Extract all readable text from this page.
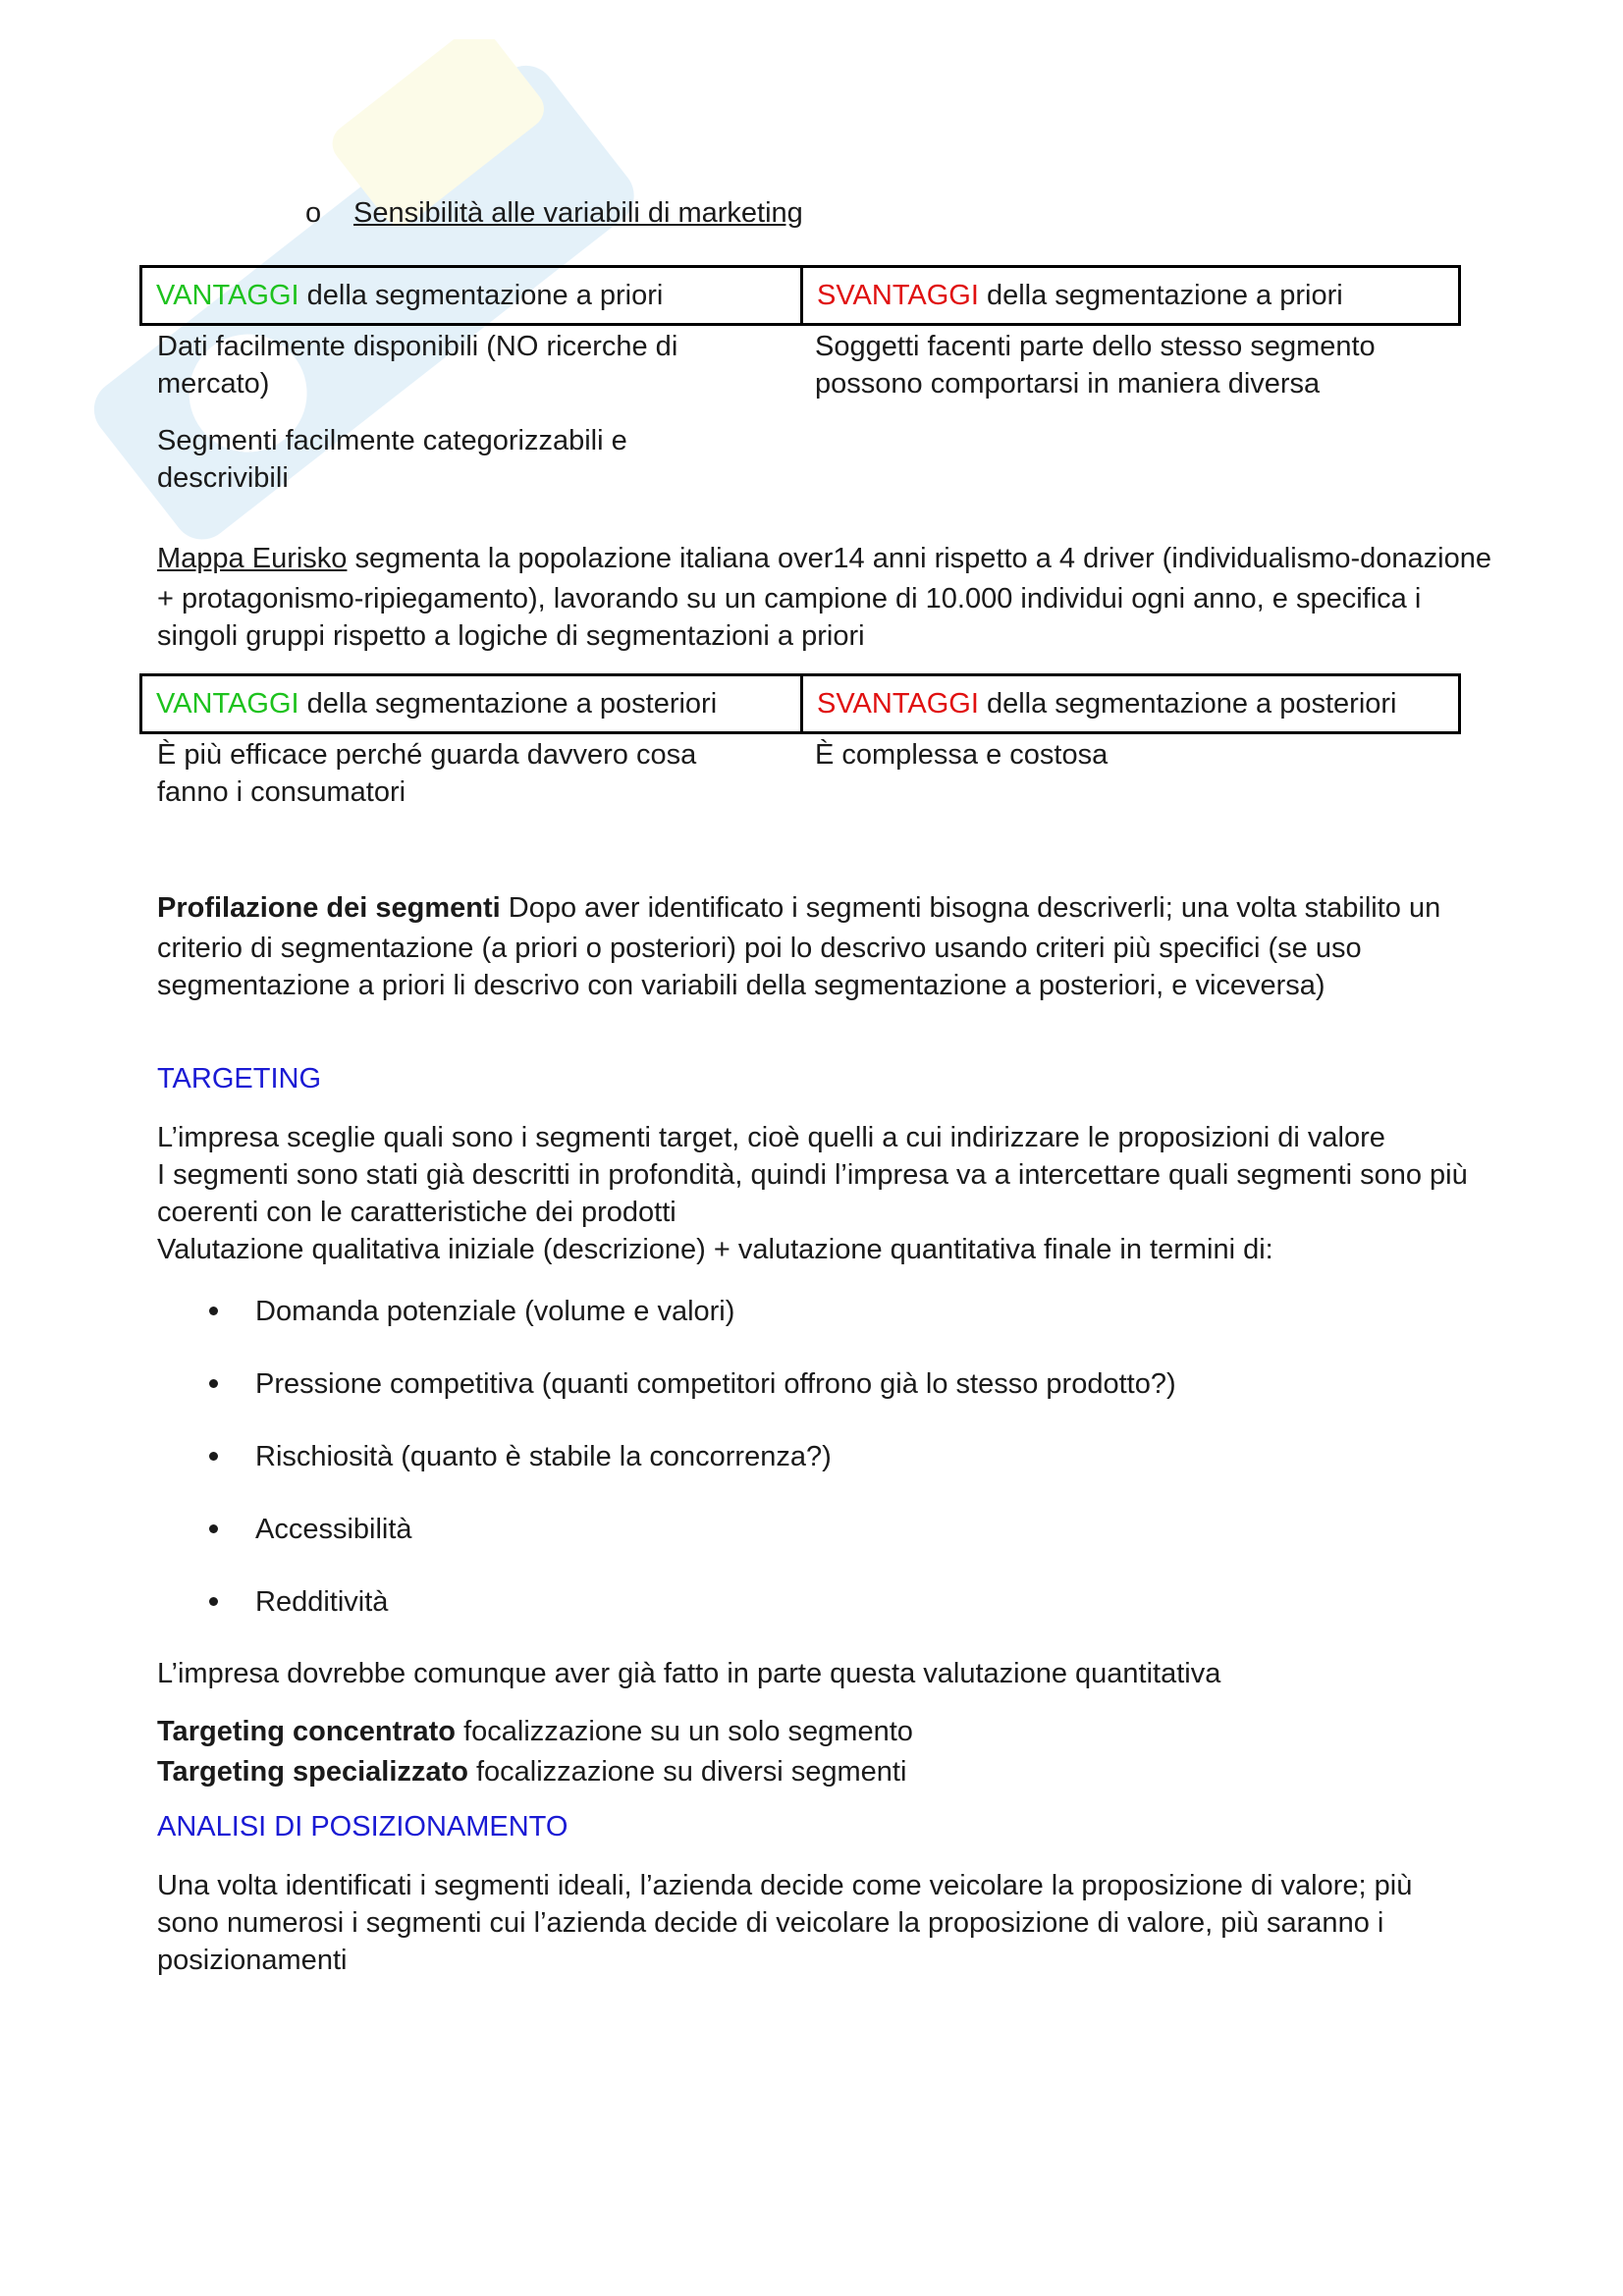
o Sensibilità alle variabili di marketing
VANTAGGI della segmentazione a priori	SVANTAGGI della segmentazione a priori

Dati facilmente disponibili (NO ricerche di mercato)

Segmenti facilmente categorizzabili e descrivibili

Soggetti facenti parte dello stesso segmento possono comportarsi in maniera diversa

Mappa Eurisko segmenta la popolazione italiana over14 anni rispetto a 4 driver (individualismo-donazione + protagonismo-ripiegamento), lavorando su un campione di 10.000 individui ogni anno, e specifica i singoli gruppi rispetto a logiche di segmentazioni a priori

VANTAGGI della segmentazione a posteriori	SVANTAGGI della segmentazione a posteriori

È più efficace perché guarda davvero cosa fanno i consumatori

È complessa e costosa

Profilazione dei segmenti Dopo aver identificato i segmenti bisogna descriverli; una volta stabilito un criterio di segmentazione (a priori o posteriori) poi lo descrivo usando criteri più specifici (se uso segmentazione a priori li descrivo con variabili della segmentazione a posteriori, e viceversa)

TARGETING

L’impresa sceglie quali sono i segmenti target, cioè quelli a cui indirizzare le proposizioni di valore

I segmenti sono stati già descritti in profondità, quindi l’impresa va a intercettare quali segmenti sono più coerenti con le caratteristiche dei prodotti

Valutazione qualitativa iniziale (descrizione) + valutazione quantitativa finale in termini di:

Domanda potenziale (volume e valori)
Pressione competitiva (quanti competitori offrono già lo stesso prodotto?)
Rischiosità (quanto è stabile la concorrenza?)
Accessibilità
Redditività

L’impresa dovrebbe comunque aver già fatto in parte questa valutazione quantitativa

Targeting concentrato focalizzazione su un solo segmento

Targeting specializzato focalizzazione su diversi segmenti

ANALISI DI POSIZIONAMENTO

Una volta identificati i segmenti ideali, l’azienda decide come veicolare la proposizione di valore; più sono numerosi i segmenti cui l’azienda decide di veicolare la proposizione di valore, più saranno i posizionamenti
